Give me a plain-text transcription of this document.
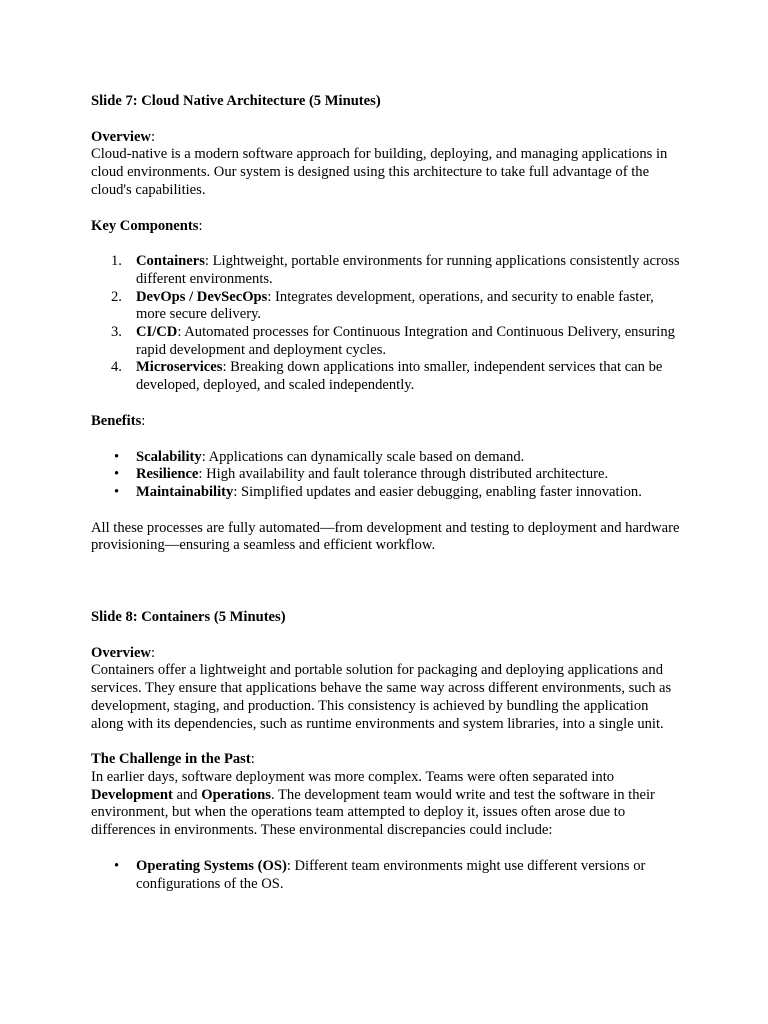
Slide 7: Cloud Native Architecture (5 Minutes)

Overview:

Cloud-native is a modern software approach for building, deploying, and managing applications in cloud environments. Our system is designed using this architecture to take full advantage of the cloud's capabilities.

Key Components:

1. Containers: Lightweight, portable environments for running applications consistently across different environments.
2. DevOps / DevSecOps: Integrates development, operations, and security to enable faster, more secure delivery.
3. CI/CD: Automated processes for Continuous Integration and Continuous Delivery, ensuring rapid development and deployment cycles.
4. Microservices: Breaking down applications into smaller, independent services that can be developed, deployed, and scaled independently.

Benefits:

• Scalability: Applications can dynamically scale based on demand.
• Resilience: High availability and fault tolerance through distributed architecture.
• Maintainability: Simplified updates and easier debugging, enabling faster innovation.

All these processes are fully automated—from development and testing to deployment and hardware provisioning—ensuring a seamless and efficient workflow.

Slide 8: Containers (5 Minutes)

Overview:

Containers offer a lightweight and portable solution for packaging and deploying applications and services. They ensure that applications behave the same way across different environments, such as development, staging, and production. This consistency is achieved by bundling the application along with its dependencies, such as runtime environments and system libraries, into a single unit.

The Challenge in the Past:

In earlier days, software deployment was more complex. Teams were often separated into Development and Operations. The development team would write and test the software in their environment, but when the operations team attempted to deploy it, issues often arose due to differences in environments. These environmental discrepancies could include:

• Operating Systems (OS): Different team environments might use different versions or configurations of the OS.
